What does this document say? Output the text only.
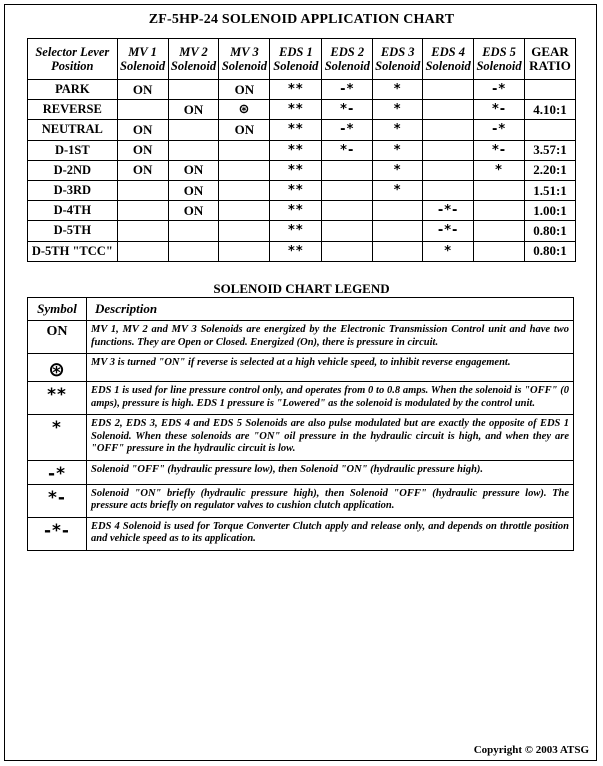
ZF-5HP-24 SOLENOID APPLICATION CHART
Selector Lever Position	MV 1 Solenoid	MV 2 Solenoid	MV 3 Solenoid	EDS 1 Solenoid	EDS 2 Solenoid	EDS 3 Solenoid	EDS 4 Solenoid	EDS 5 Solenoid	GEAR RATIO
PARK	ON		ON	**	-*	*		-*	
REVERSE		ON	⊛	**	*-	*		*-	4.10:1
NEUTRAL	ON		ON	**	-*	*		-*	
D-1ST	ON			**	*-	*		*-	3.57:1
D-2ND	ON	ON		**		*		*	2.20:1
D-3RD		ON		**		*			1.51:1
D-4TH		ON		**			-*-		1.00:1
D-5TH				**			-*-		0.80:1
D-5TH "TCC"				**			*		0.80:1
SOLENOID CHART LEGEND
Symbol	Description
ON	MV 1, MV 2 and MV 3 Solenoids are energized by the Electronic Transmission Control unit and have two functions. They are Open or Closed. Energized (On), there is pressure in circuit.
⊛	MV 3 is turned "ON" if reverse is selected at a high vehicle speed, to inhibit reverse engagement.
**	EDS 1 is used for line pressure control only, and operates from 0 to 0.8 amps. When the solenoid is "OFF" (0 amps), pressure is high. EDS 1 pressure is "Lowered" as the solenoid is modulated by the control unit.
*	EDS 2, EDS 3, EDS 4 and EDS 5 Solenoids are also pulse modulated but are exactly the opposite of EDS 1 Solenoid. When these solenoids are "ON" oil pressure in the hydraulic circuit is high, and when they are "OFF" pressure in the hydraulic circuit is low.
-*	Solenoid "OFF" (hydraulic pressure low), then Solenoid "ON" (hydraulic pressure high).
*-	Solenoid "ON" briefly (hydraulic pressure high), then Solenoid "OFF" (hydraulic pressure low). The pressure acts briefly on regulator valves to cushion clutch application.
-*-	EDS 4 Solenoid is used for Torque Converter Clutch apply and release only, and depends on throttle position and vehicle speed as to its application.
Copyright © 2003 ATSG
